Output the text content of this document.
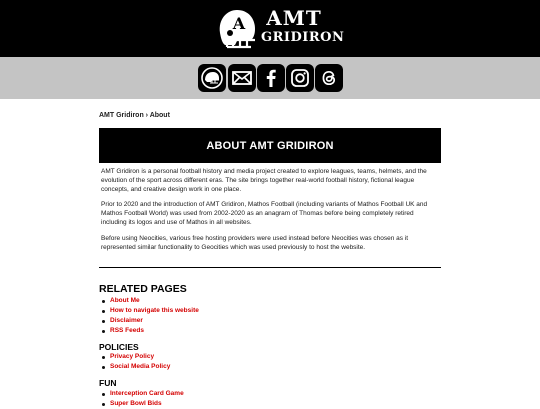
A AMT
GRIDIRON
AMT Gridiron › About
ABOUT AMT GRIDIRON

AMT Gridiron is a personal football history and media project created to explore leagues, teams, helmets, and the evolution of the sport across different eras. The site brings together real-world football history, fictional league concepts, and creative design work in one place.

Prior to 2020 and the introduction of AMT Gridiron, Mathos Football (including variants of Mathos Football UK and Mathos Football World) was used from 2002-2020 as an anagram of Thomas before being completely retired including its logos and use of Mathos in all websites.

Before using Neocities, various free hosting providers were used instead before Neocities was chosen as it represented similar functionality to Geocities which was used previously to host the website.

RELATED PAGES
About Me
How to navigate this website
Disclaimer
RSS Feeds
POLICIES
Privacy Policy
Social Media Policy
FUN
Interception Card Game
Super Bowl Bids
